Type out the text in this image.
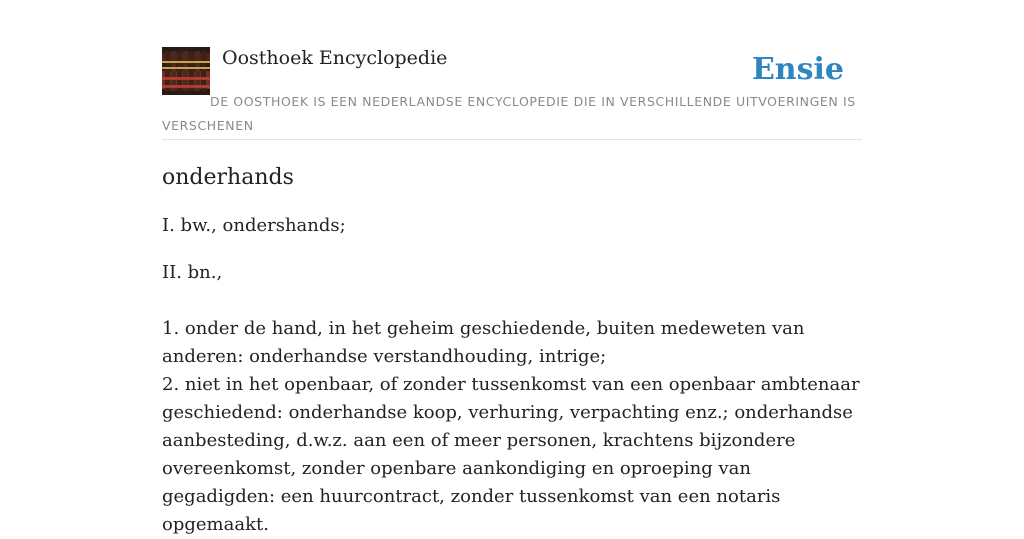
Oosthoek Encyclopedie	Ensie
DE OOSTHOEK IS EEN NEDERLANDSE ENCYCLOPEDIE DIE IN VERSCHILLENDE UITVOERINGEN IS VERSCHENEN
onderhands

I. bw., ondershands;

II. bn.,

1. onder de hand, in het geheim geschiedende, buiten medeweten van anderen: onderhandse verstandhouding, intrige;
2. niet in het openbaar, of zonder tussenkomst van een openbaar ambtenaar geschiedend: onderhandse koop, verhuring, verpachting enz.; onderhandse aanbesteding, d.w.z. aan een of meer personen, krachtens bijzondere overeenkomst, zonder openbare aankondiging en oproeping van gegadigden: een huurcontract, zonder tussenkomst van een notaris opgemaakt.
